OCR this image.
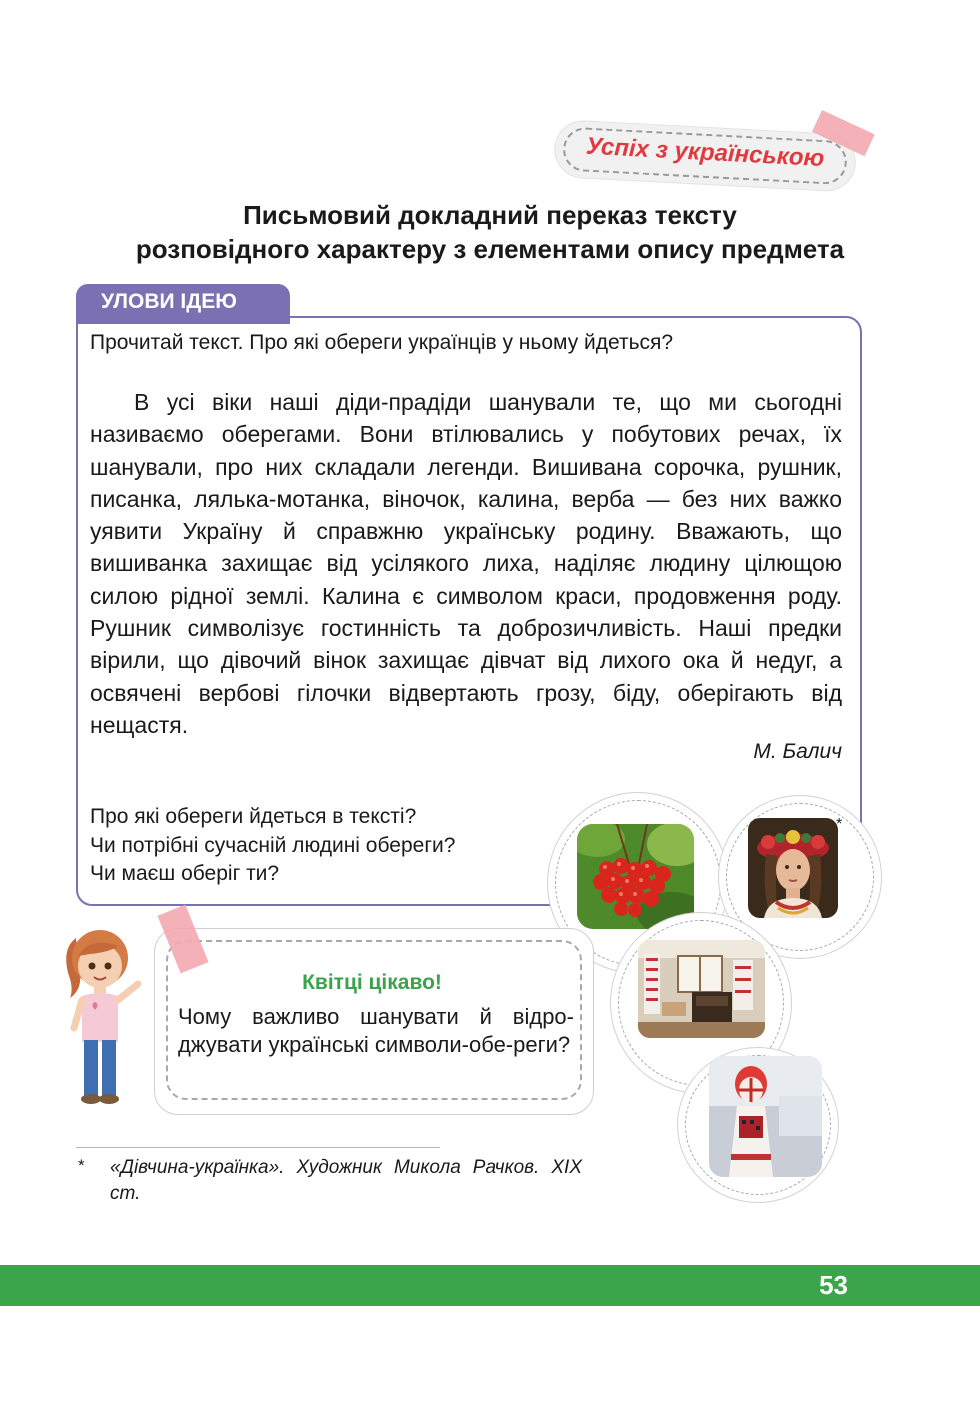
Успіх з українською
Письмовий докладний переказ тексту
розповідного характеру з елементами опису предмета
УЛОВИ ІДЕЮ
Прочитай текст. Про які обереги українців у ньому йдеться?

В усі віки наші діди-прадіди шанували те, що ми сьогодні називаємо оберегами. Вони втілювались у побутових речах, їх шанували, про них складали легенди. Вишивана сорочка, рушник, писанка, лялька-мотанка, віночок, калина, верба — без них важко уявити Україну й справжню українську родину. Вважають, що вишиванка захищає від усілякого лиха, наділяє людину цілющою силою рідної землі. Калина є символом краси, продовження роду. Рушник символізує гостинність та доброзичливість. Наші предки вірили, що дівочий вінок захищає дівчат від лихого ока й недуг, а освячені вербові гілочки відвертають грозу, біду, оберігають від нещастя.

М. Балич
Про які обереги йдеться в тексті?
Чи потрібні сучасній людині обереги?
Чи маєш оберіг ти?
*
Квітці цікаво!
Чому важливо шанувати й відро-джувати українські символи-обе-реги?
* «Дівчина-українка». Художник Микола Рачков. XIX ст.
53
